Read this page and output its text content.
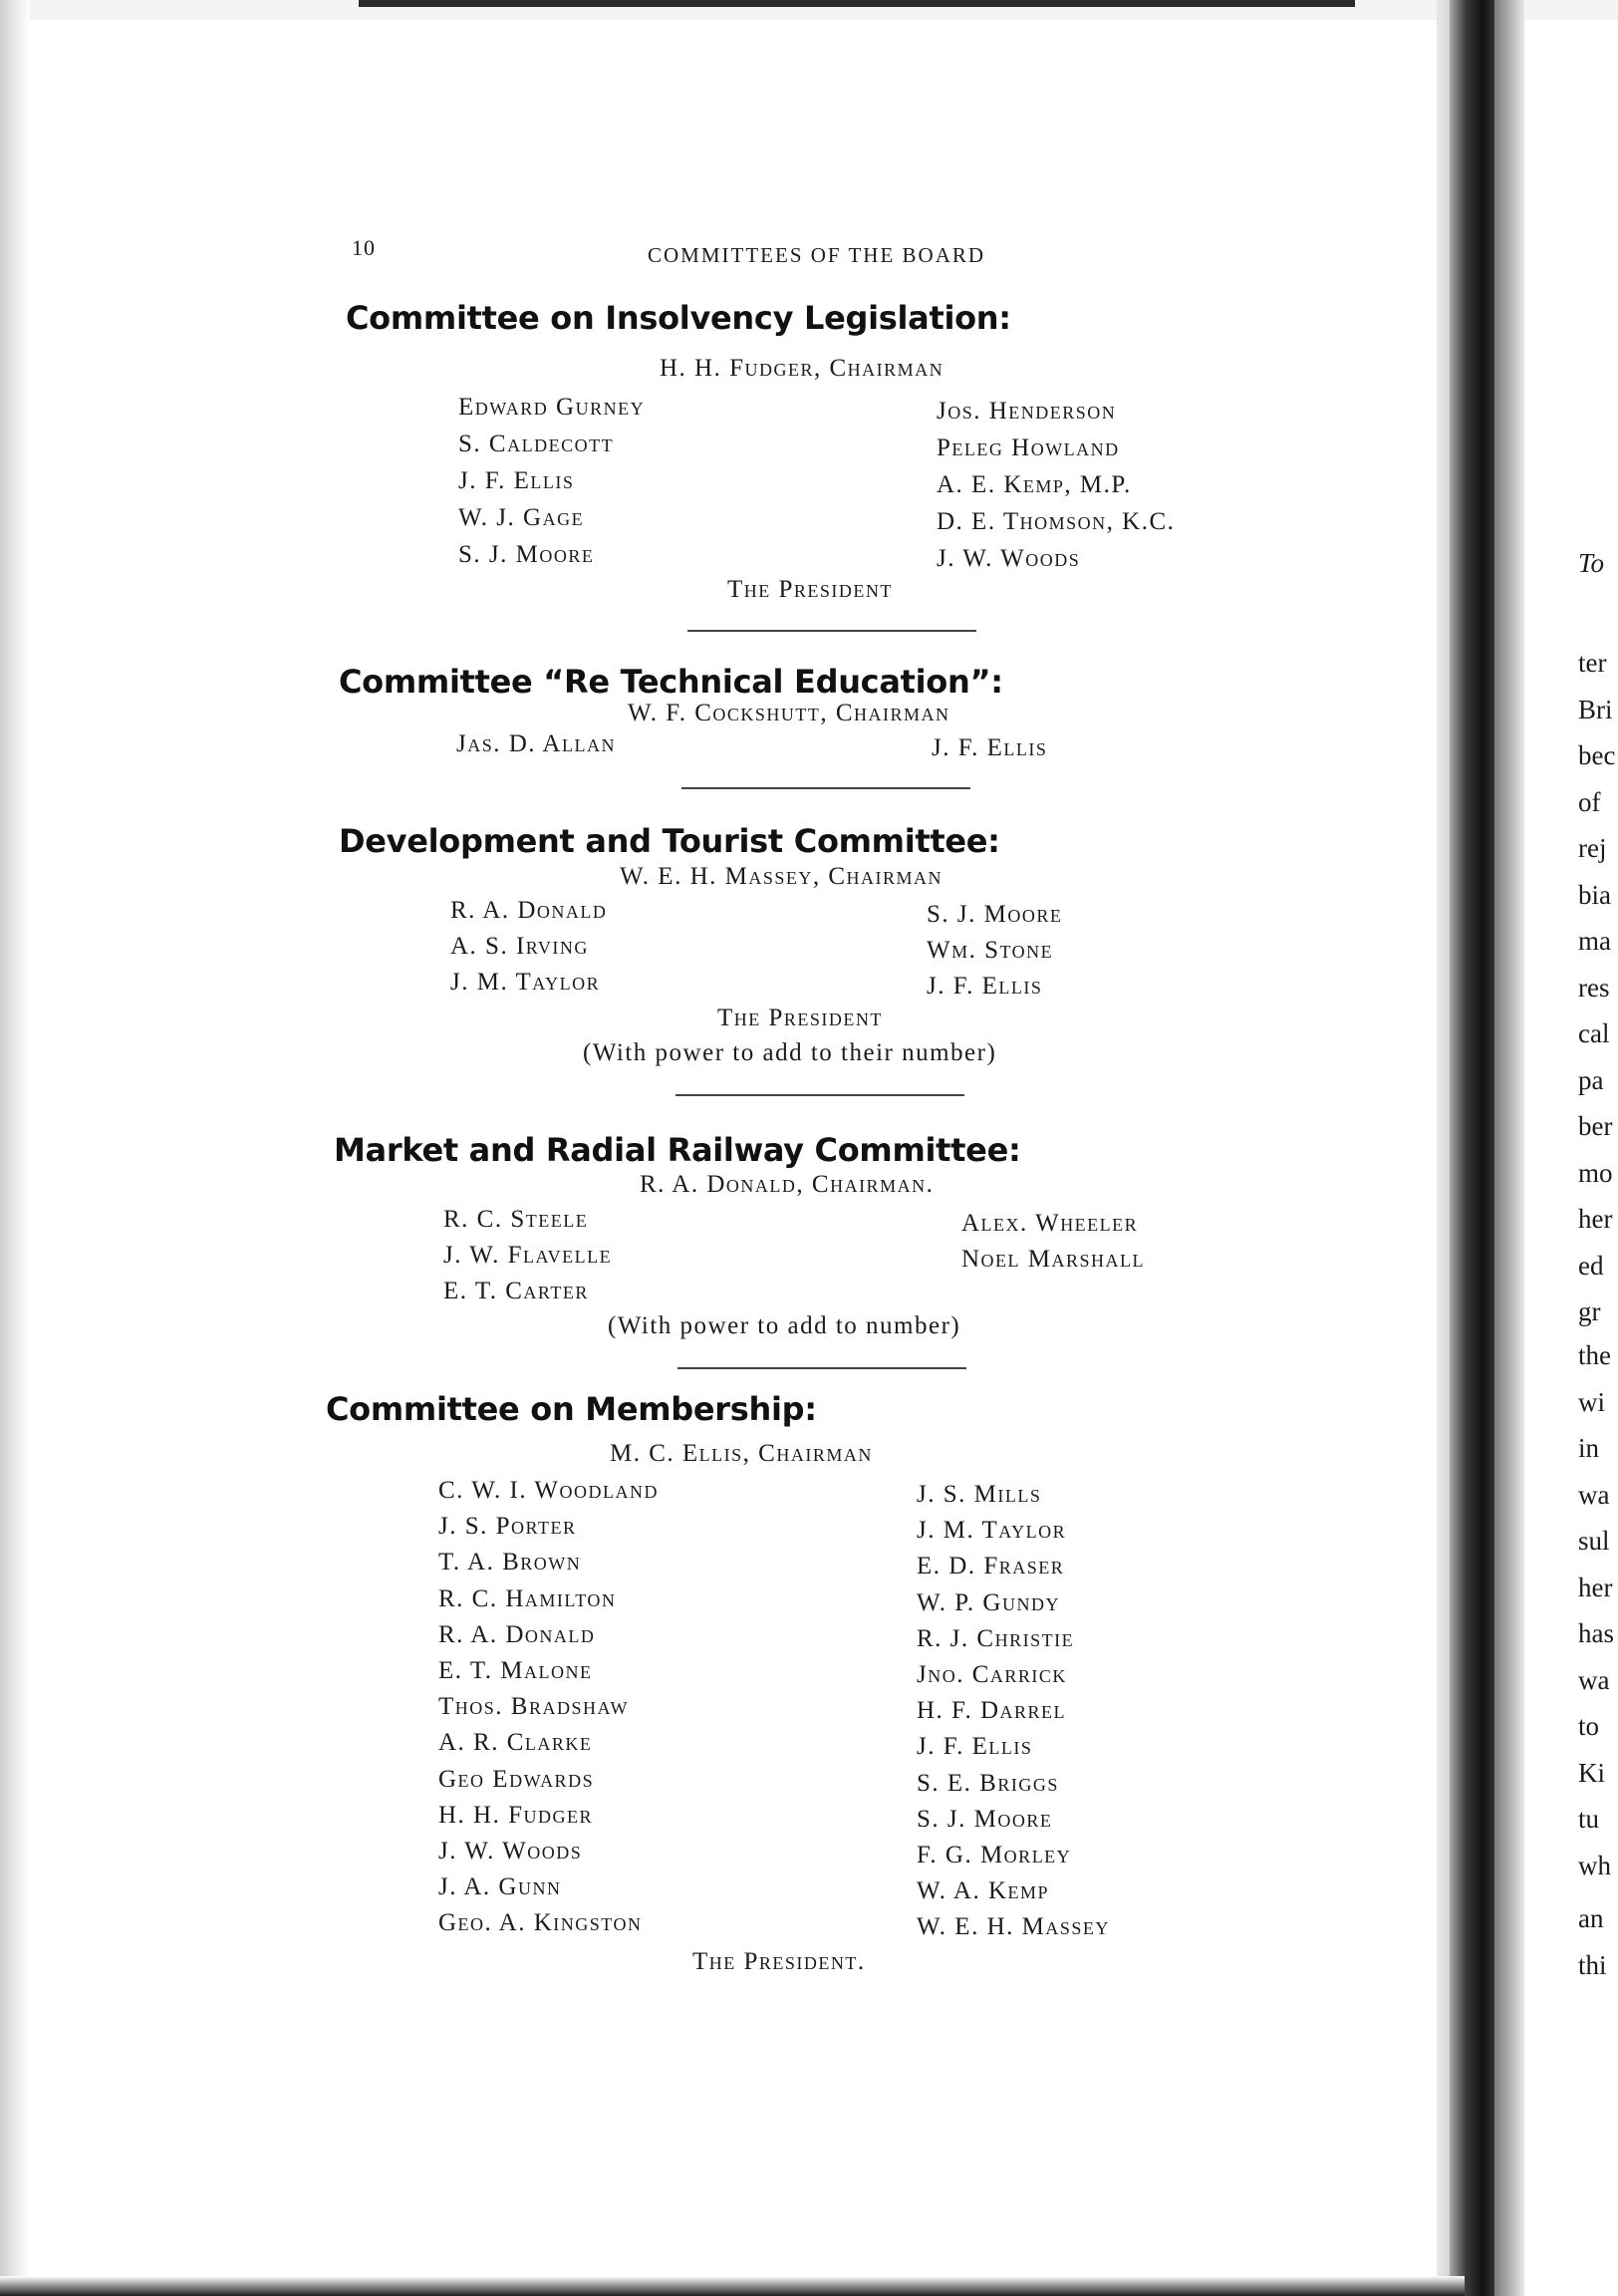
10	COMMITTEES OF THE BOARD
Committee on Insolvency Legislation:
H. H. Fudger, Chairman
Edward Gurney
S. Caldecott
J. F. Ellis
W. J. Gage
S. J. Moore
Jos. Henderson
Peleg Howland
A. E. Kemp, M.P.
D. E. Thomson, K.C.
J. W. Woods
The President
Committee “Re Technical Education”:
W. F. Cockshutt, Chairman
Jas. D. Allan	J. F. Ellis
Development and Tourist Committee:
W. E. H. Massey, Chairman
R. A. Donald
A. S. Irving
J. M. Taylor
S. J. Moore
Wm. Stone
J. F. Ellis
The President
(With power to add to their number)
Market and Radial Railway Committee:
R. A. Donald, Chairman.
R. C. Steele
J. W. Flavelle
E. T. Carter
Alex. Wheeler
Noel Marshall
(With power to add to number)
Committee on Membership:
M. C. Ellis, Chairman
C. W. I. Woodland
J. S. Porter
T. A. Brown
R. C. Hamilton
R. A. Donald
E. T. Malone
Thos. Bradshaw
A. R. Clarke
Geo Edwards
H. H. Fudger
J. W. Woods
J. A. Gunn
Geo. A. Kingston
J. S. Mills
J. M. Taylor
E. D. Fraser
W. P. Gundy
R. J. Christie
Jno. Carrick
H. F. Darrel
J. F. Ellis
S. E. Briggs
S. J. Moore
F. G. Morley
W. A. Kemp
W. E. H. Massey
The President.
To
ter
Bri
bec
of
rej
bia
ma
res
cal
pa
ber
mo
her
ed
gr
the
wi
in
wa
sul
her
has
wa
to
Ki
tu
wh
an
thi
